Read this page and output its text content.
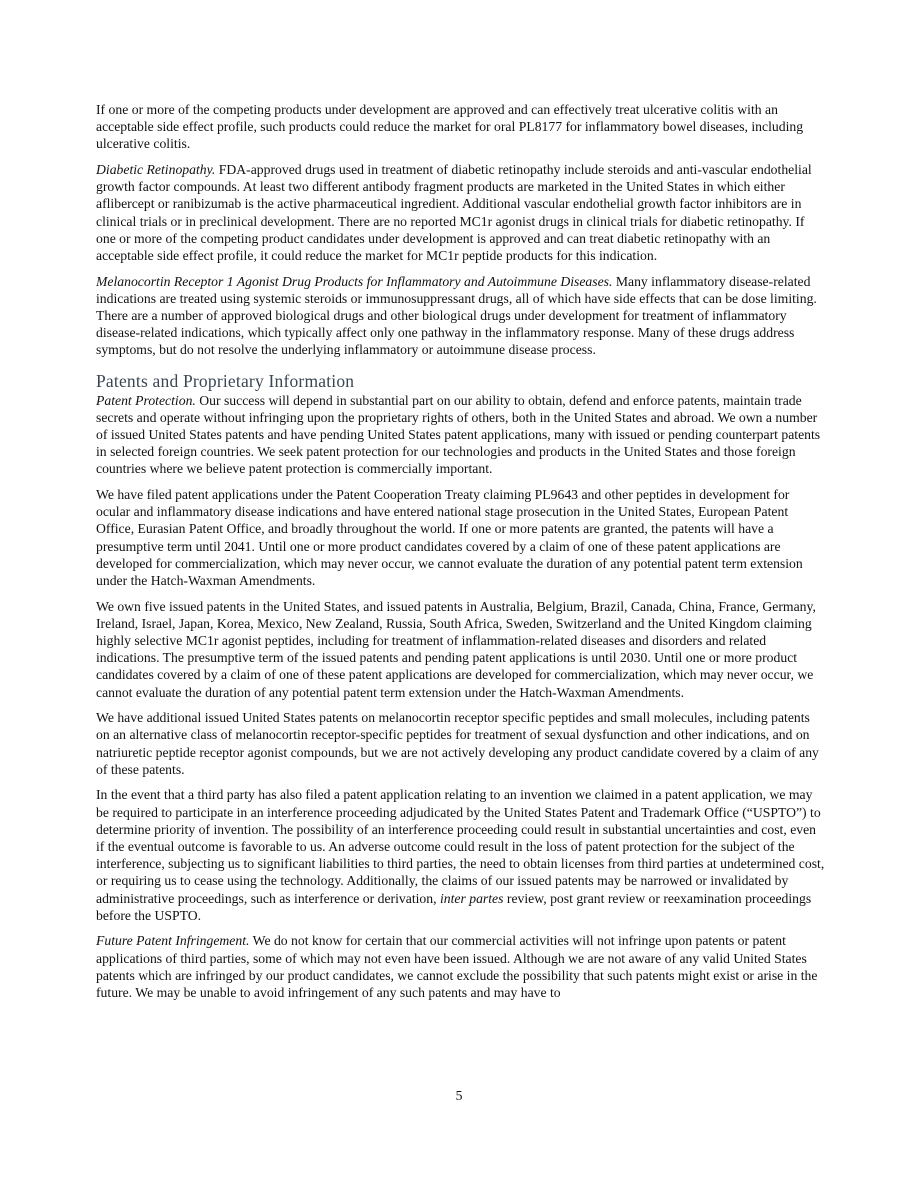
If one or more of the competing products under development are approved and can effectively treat ulcerative colitis with an acceptable side effect profile, such products could reduce the market for oral PL8177 for inflammatory bowel diseases, including ulcerative colitis.

Diabetic Retinopathy. FDA-approved drugs used in treatment of diabetic retinopathy include steroids and anti-vascular endothelial growth factor compounds. At least two different antibody fragment products are marketed in the United States in which either aflibercept or ranibizumab is the active pharmaceutical ingredient. Additional vascular endothelial growth factor inhibitors are in clinical trials or in preclinical development. There are no reported MC1r agonist drugs in clinical trials for diabetic retinopathy. If one or more of the competing product candidates under development is approved and can treat diabetic retinopathy with an acceptable side effect profile, it could reduce the market for MC1r peptide products for this indication.

Melanocortin Receptor 1 Agonist Drug Products for Inflammatory and Autoimmune Diseases. Many inflammatory disease-related indications are treated using systemic steroids or immunosuppressant drugs, all of which have side effects that can be dose limiting. There are a number of approved biological drugs and other biological drugs under development for treatment of inflammatory disease-related indications, which typically affect only one pathway in the inflammatory response. Many of these drugs address symptoms, but do not resolve the underlying inflammatory or autoimmune disease process.

Patents and Proprietary Information

Patent Protection. Our success will depend in substantial part on our ability to obtain, defend and enforce patents, maintain trade secrets and operate without infringing upon the proprietary rights of others, both in the United States and abroad. We own a number of issued United States patents and have pending United States patent applications, many with issued or pending counterpart patents in selected foreign countries. We seek patent protection for our technologies and products in the United States and those foreign countries where we believe patent protection is commercially important.

We have filed patent applications under the Patent Cooperation Treaty claiming PL9643 and other peptides in development for ocular and inflammatory disease indications and have entered national stage prosecution in the United States, European Patent Office, Eurasian Patent Office, and broadly throughout the world. If one or more patents are granted, the patents will have a presumptive term until 2041. Until one or more product candidates covered by a claim of one of these patent applications are developed for commercialization, which may never occur, we cannot evaluate the duration of any potential patent term extension under the Hatch-Waxman Amendments.

We own five issued patents in the United States, and issued patents in Australia, Belgium, Brazil, Canada, China, France, Germany, Ireland, Israel, Japan, Korea, Mexico, New Zealand, Russia, South Africa, Sweden, Switzerland and the United Kingdom claiming highly selective MC1r agonist peptides, including for treatment of inflammation-related diseases and disorders and related indications. The presumptive term of the issued patents and pending patent applications is until 2030. Until one or more product candidates covered by a claim of one of these patent applications are developed for commercialization, which may never occur, we cannot evaluate the duration of any potential patent term extension under the Hatch-Waxman Amendments.

We have additional issued United States patents on melanocortin receptor specific peptides and small molecules, including patents on an alternative class of melanocortin receptor-specific peptides for treatment of sexual dysfunction and other indications, and on natriuretic peptide receptor agonist compounds, but we are not actively developing any product candidate covered by a claim of any of these patents.

In the event that a third party has also filed a patent application relating to an invention we claimed in a patent application, we may be required to participate in an interference proceeding adjudicated by the United States Patent and Trademark Office (“USPTO”) to determine priority of invention. The possibility of an interference proceeding could result in substantial uncertainties and cost, even if the eventual outcome is favorable to us. An adverse outcome could result in the loss of patent protection for the subject of the interference, subjecting us to significant liabilities to third parties, the need to obtain licenses from third parties at undetermined cost, or requiring us to cease using the technology. Additionally, the claims of our issued patents may be narrowed or invalidated by administrative proceedings, such as interference or derivation, inter partes review, post grant review or reexamination proceedings before the USPTO.

Future Patent Infringement. We do not know for certain that our commercial activities will not infringe upon patents or patent applications of third parties, some of which may not even have been issued. Although we are not aware of any valid United States patents which are infringed by our product candidates, we cannot exclude the possibility that such patents might exist or arise in the future. We may be unable to avoid infringement of any such patents and may have to

5
